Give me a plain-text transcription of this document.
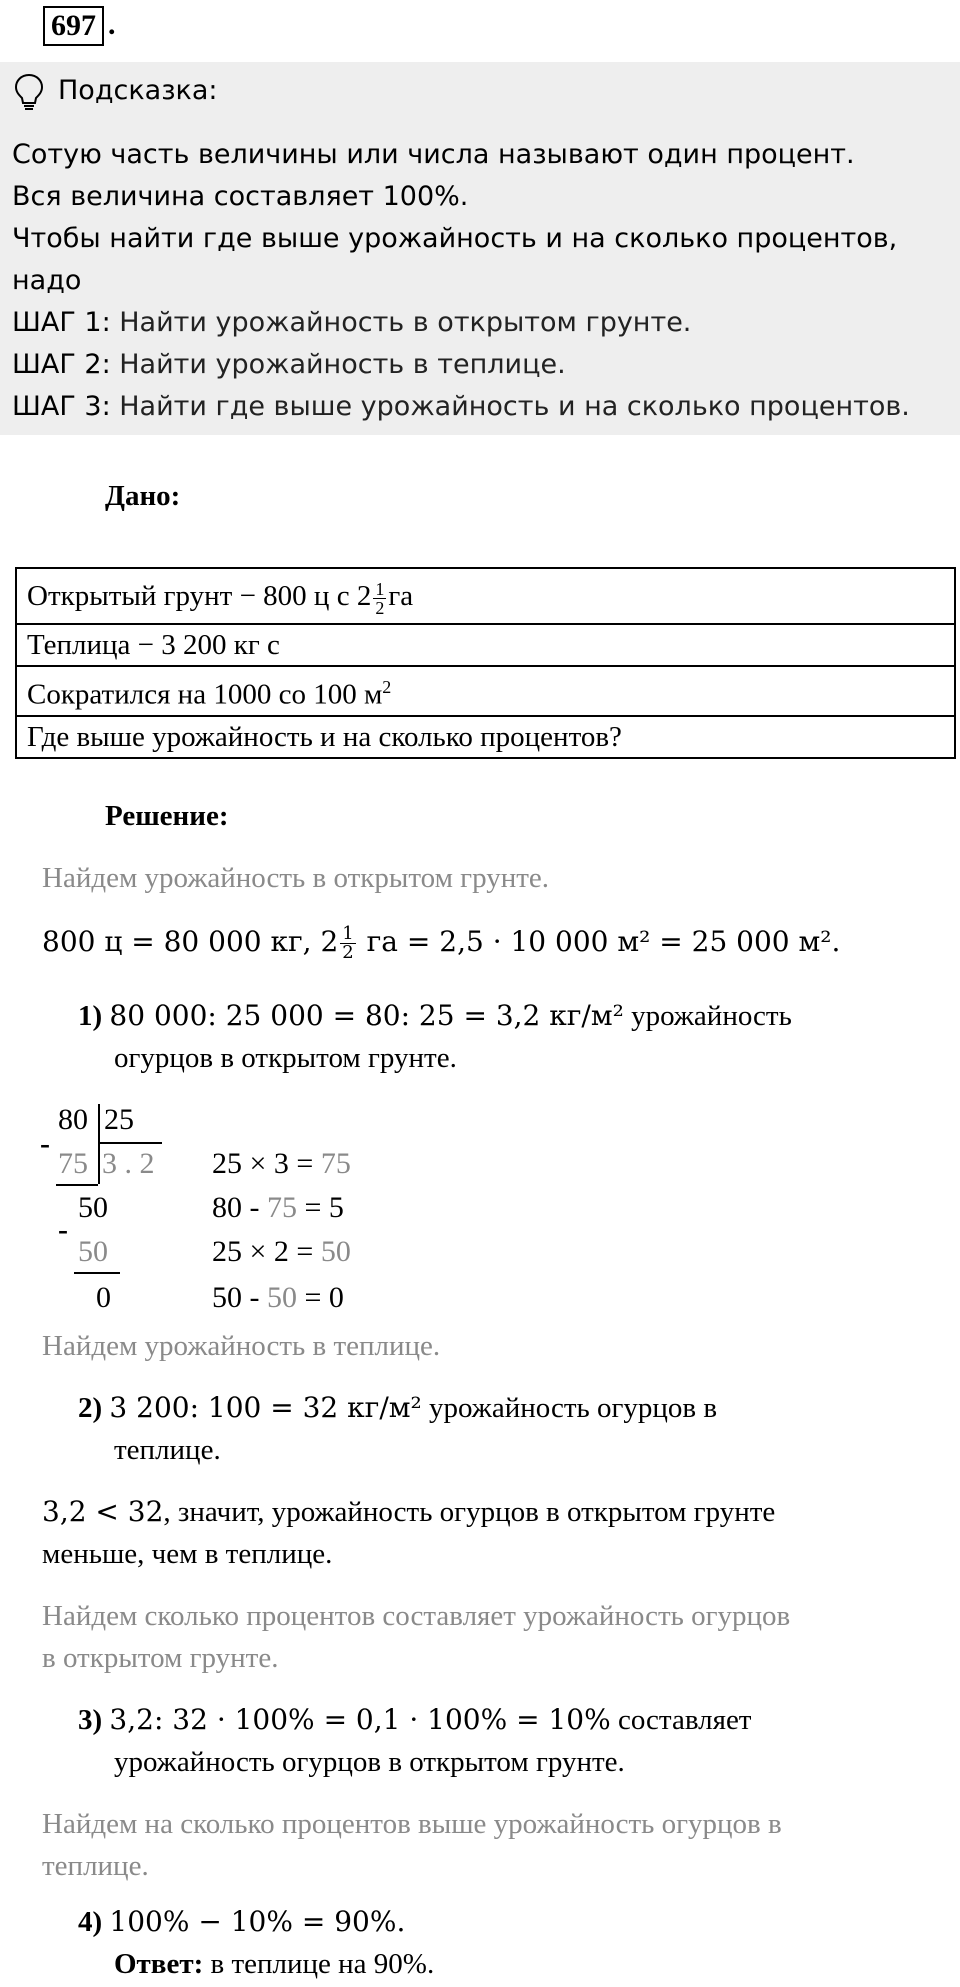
697 .
Подсказка:
Сотую часть величины или числа называют один процент.
Вся величина составляет 100%.
Чтобы найти где выше урожайность и на сколько процентов,
надо
ШАГ 1: Найти урожайность в открытом грунте.
ШАГ 2: Найти урожайность в теплице.
ШАГ 3: Найти где выше урожайность и на сколько процентов.
Дано:
Открытый грунт − 800 ц с $2 \frac{1}{2}$ га
Теплица − 3 200 кг с
Сократился на 1000 со 100 $м^2$
Где выше урожайность и на сколько процентов?
Решение:
Найдем урожайность в открытом грунте.
800 ц = 80 000 кг, $2 \frac{1}{2}$ га = 2,5 · 10 000 м² = 25 000 м².
1) 80 000: 25 000 = 80: 25 = 3,2 кг/м² урожайность
огурцов в открытом грунте.
80 25
-
75 3 . 2
50
-
50
0
25 × 3 = 75
80 - 75 = 5
25 × 2 = 50
50 - 50 = 0
Найдем урожайность в теплице.
2) 3 200: 100 = 32 кг/м² урожайность огурцов в
теплице.
3,2 < 32, значит, урожайность огурцов в открытом грунте
меньше, чем в теплице.
Найдем сколько процентов составляет урожайность огурцов
в открытом грунте.
3) 3,2: 32 · 100% = 0,1 · 100% = 10% составляет
урожайность огурцов в открытом грунте.
Найдем на сколько процентов выше урожайность огурцов в
теплице.
4) 100% − 10% = 90%.
Ответ: в теплице на 90%.
